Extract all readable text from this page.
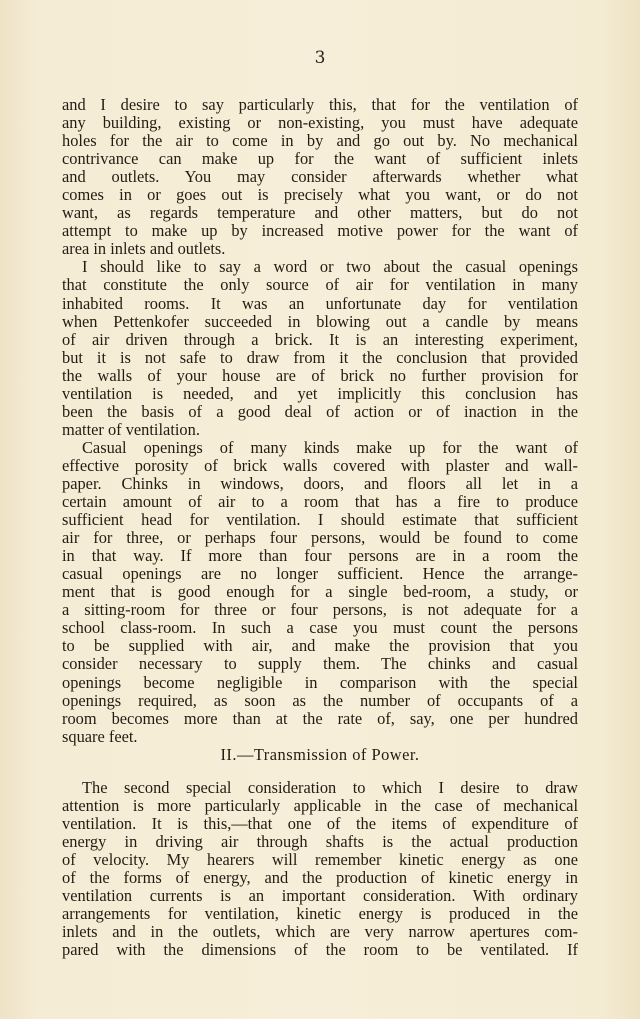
3
and I desire to say particularly this, that for the ventilation of
any building, existing or non-existing, you must have adequate
holes for the air to come in by and go out by. No mechanical
contrivance can make up for the want of sufficient inlets
and outlets. You may consider afterwards whether what
comes in or goes out is precisely what you want, or do not
want, as regards temperature and other matters, but do not
attempt to make up by increased motive power for the want of
area in inlets and outlets.
I should like to say a word or two about the casual openings
that constitute the only source of air for ventilation in many
inhabited rooms. It was an unfortunate day for ventilation
when Pettenkofer succeeded in blowing out a candle by means
of air driven through a brick. It is an interesting experiment,
but it is not safe to draw from it the conclusion that provided
the walls of your house are of brick no further provision for
ventilation is needed, and yet implicitly this conclusion has
been the basis of a good deal of action or of inaction in the
matter of ventilation.
Casual openings of many kinds make up for the want of
effective porosity of brick walls covered with plaster and wall-
paper. Chinks in windows, doors, and floors all let in a
certain amount of air to a room that has a fire to produce
sufficient head for ventilation. I should estimate that sufficient
air for three, or perhaps four persons, would be found to come
in that way. If more than four persons are in a room the
casual openings are no longer sufficient. Hence the arrange-
ment that is good enough for a single bed-room, a study, or
a sitting-room for three or four persons, is not adequate for a
school class-room. In such a case you must count the persons
to be supplied with air, and make the provision that you
consider necessary to supply them. The chinks and casual
openings become negligible in comparison with the special
openings required, as soon as the number of occupants of a
room becomes more than at the rate of, say, one per hundred
square feet.
II.—Transmission of Power.
The second special consideration to which I desire to draw
attention is more particularly applicable in the case of mechanical
ventilation. It is this,—that one of the items of expenditure of
energy in driving air through shafts is the actual production
of velocity. My hearers will remember kinetic energy as one
of the forms of energy, and the production of kinetic energy in
ventilation currents is an important consideration. With ordinary
arrangements for ventilation, kinetic energy is produced in the
inlets and in the outlets, which are very narrow apertures com-
pared with the dimensions of the room to be ventilated. If
